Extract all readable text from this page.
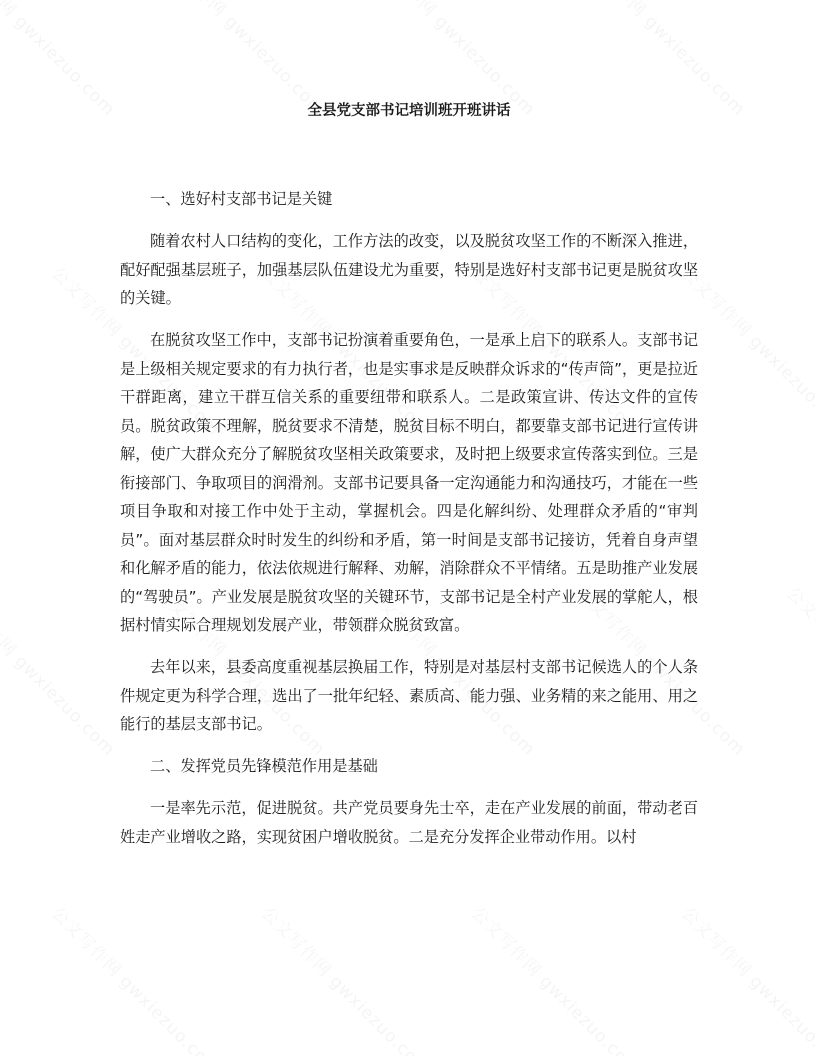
全县党支部书记培训班开班讲话

一、选好村支部书记是关键

随着农村人口结构的变化，工作方法的改变，以及脱贫攻坚工作的不断深入推进，配好配强基层班子，加强基层队伍建设尤为重要，特别是选好村支部书记更是脱贫攻坚的关键。

在脱贫攻坚工作中，支部书记扮演着重要角色，一是承上启下的联系人。支部书记是上级相关规定要求的有力执行者，也是实事求是反映群众诉求的“传声筒”，更是拉近干群距离，建立干群互信关系的重要纽带和联系人。二是政策宣讲、传达文件的宣传员。脱贫政策不理解，脱贫要求不清楚，脱贫目标不明白，都要靠支部书记进行宣传讲解，使广大群众充分了解脱贫攻坚相关政策要求，及时把上级要求宣传落实到位。三是衔接部门、争取项目的润滑剂。支部书记要具备一定沟通能力和沟通技巧，才能在一些项目争取和对接工作中处于主动，掌握机会。四是化解纠纷、处理群众矛盾的“审判员”。面对基层群众时时发生的纠纷和矛盾，第一时间是支部书记接访，凭着自身声望和化解矛盾的能力，依法依规进行解释、劝解，消除群众不平情绪。五是助推产业发展的“驾驶员”。产业发展是脱贫攻坚的关键环节，支部书记是全村产业发展的掌舵人，根据村情实际合理规划发展产业，带领群众脱贫致富。

去年以来，县委高度重视基层换届工作，特别是对基层村支部书记候选人的个人条件规定更为科学合理，选出了一批年纪轻、素质高、能力强、业务精的来之能用、用之能行的基层支部书记。

二、发挥党员先锋模范作用是基础

一是率先示范，促进脱贫。共产党员要身先士卒，走在产业发展的前面，带动老百姓走产业增收之路，实现贫困户增收脱贫。二是充分发挥企业带动作用。以村
